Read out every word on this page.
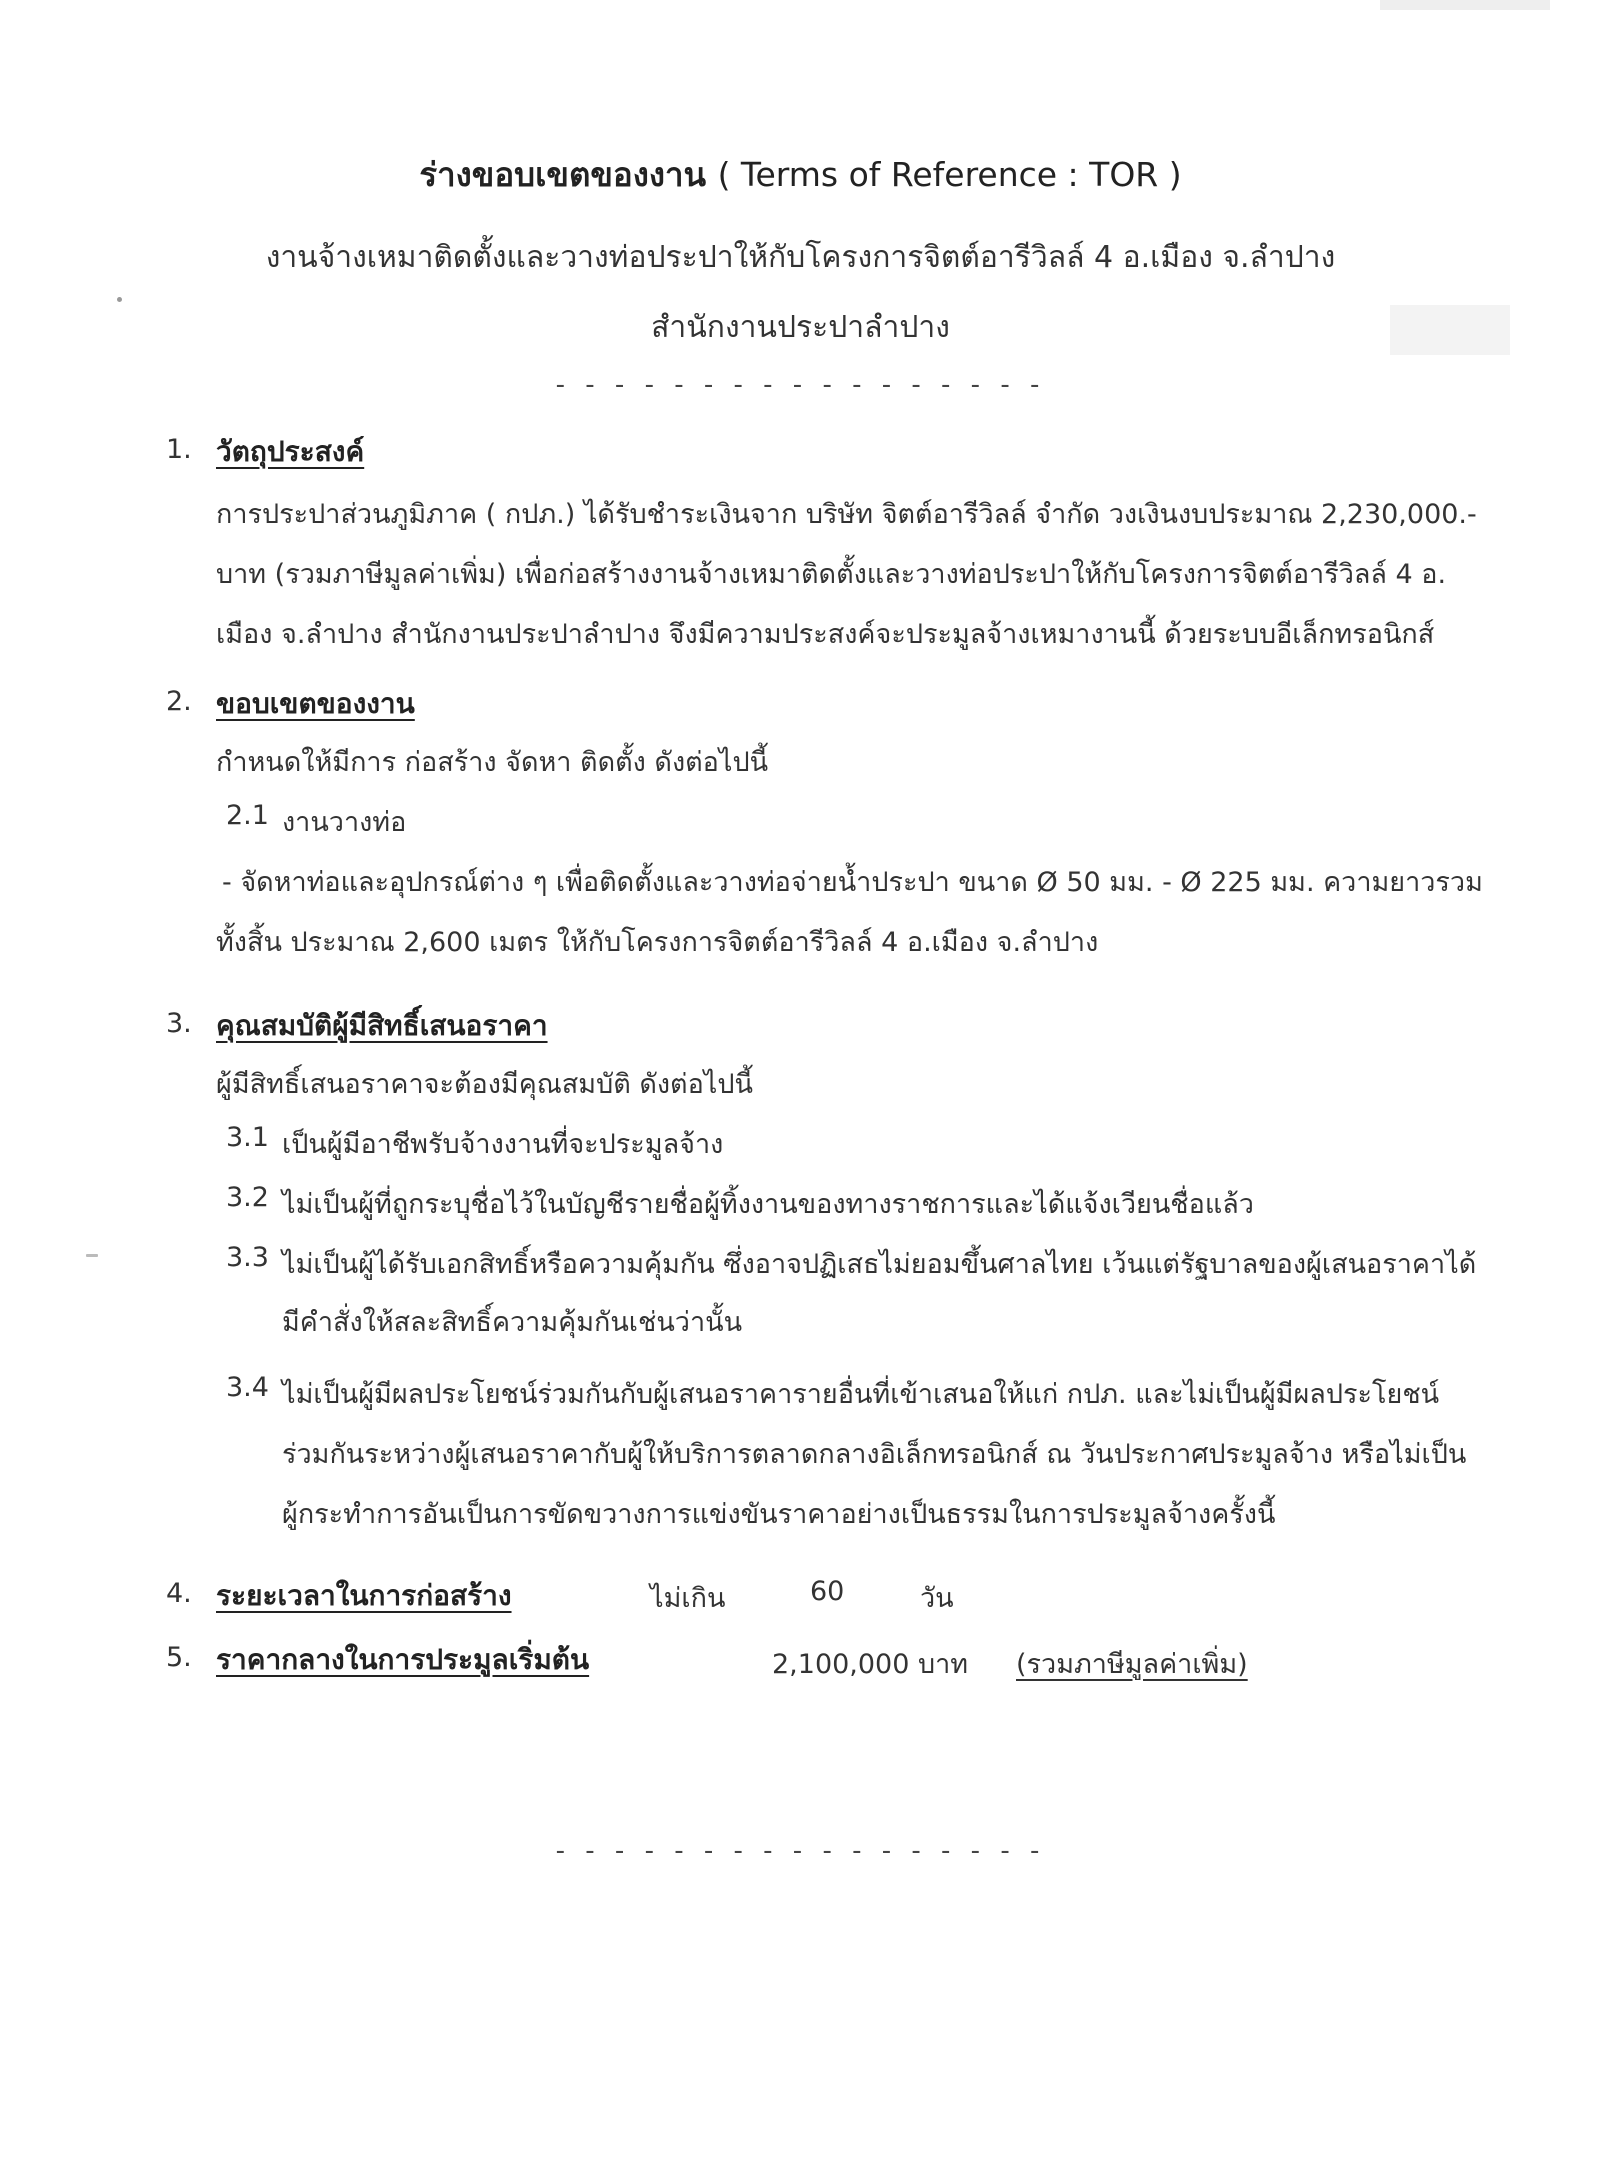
ร่างขอบเขตของงาน ( Terms of Reference : TOR )
งานจ้างเหมาติดตั้งและวางท่อประปาให้กับโครงการจิตต์อารีวิลล์ 4 อ.เมือง จ.ลำปาง
สำนักงานประปาลำปาง
- - - - - - - - - - - - - - - - -
1. วัตถุประสงค์
การประปาส่วนภูมิภาค ( กปภ.) ได้รับชำระเงินจาก บริษัท จิตต์อารีวิลล์ จำกัด วงเงินงบประมาณ 2,230,000.-
บาท (รวมภาษีมูลค่าเพิ่ม) เพื่อก่อสร้างงานจ้างเหมาติดตั้งและวางท่อประปาให้กับโครงการจิตต์อารีวิลล์ 4 อ.
เมือง จ.ลำปาง สำนักงานประปาลำปาง จึงมีความประสงค์จะประมูลจ้างเหมางานนี้ ด้วยระบบอีเล็กทรอนิกส์
2. ขอบเขตของงาน
กำหนดให้มีการ ก่อสร้าง จัดหา ติดตั้ง ดังต่อไปนี้
2.1 งานวางท่อ
- จัดหาท่อและอุปกรณ์ต่าง ๆ เพื่อติดตั้งและวางท่อจ่ายน้ำประปา ขนาด Ø 50 มม. - Ø 225 มม. ความยาวรวม
ทั้งสิ้น ประมาณ 2,600 เมตร ให้กับโครงการจิตต์อารีวิลล์ 4 อ.เมือง จ.ลำปาง
3. คุณสมบัติผู้มีสิทธิ์เสนอราคา
ผู้มีสิทธิ์เสนอราคาจะต้องมีคุณสมบัติ ดังต่อไปนี้
3.1 เป็นผู้มีอาชีพรับจ้างงานที่จะประมูลจ้าง
3.2 ไม่เป็นผู้ที่ถูกระบุชื่อไว้ในบัญชีรายชื่อผู้ทิ้งงานของทางราชการและได้แจ้งเวียนชื่อแล้ว
3.3 ไม่เป็นผู้ได้รับเอกสิทธิ์หรือความคุ้มกัน ซึ่งอาจปฏิเสธไม่ยอมขึ้นศาลไทย เว้นแต่รัฐบาลของผู้เสนอราคาได้
มีคำสั่งให้สละสิทธิ์ความคุ้มกันเช่นว่านั้น
3.4 ไม่เป็นผู้มีผลประโยชน์ร่วมกันกับผู้เสนอราคารายอื่นที่เข้าเสนอให้แก่ กปภ. และไม่เป็นผู้มีผลประโยชน์
ร่วมกันระหว่างผู้เสนอราคากับผู้ให้บริการตลาดกลางอิเล็กทรอนิกส์ ณ วันประกาศประมูลจ้าง หรือไม่เป็น
ผู้กระทำการอันเป็นการขัดขวางการแข่งขันราคาอย่างเป็นธรรมในการประมูลจ้างครั้งนี้
4. ระยะเวลาในการก่อสร้าง	ไม่เกิน	60	วัน
5. ราคากลางในการประมูลเริ่มต้น	2,100,000 บาท (รวมภาษีมูลค่าเพิ่ม)
- - - - - - - - - - - - - - - - -
